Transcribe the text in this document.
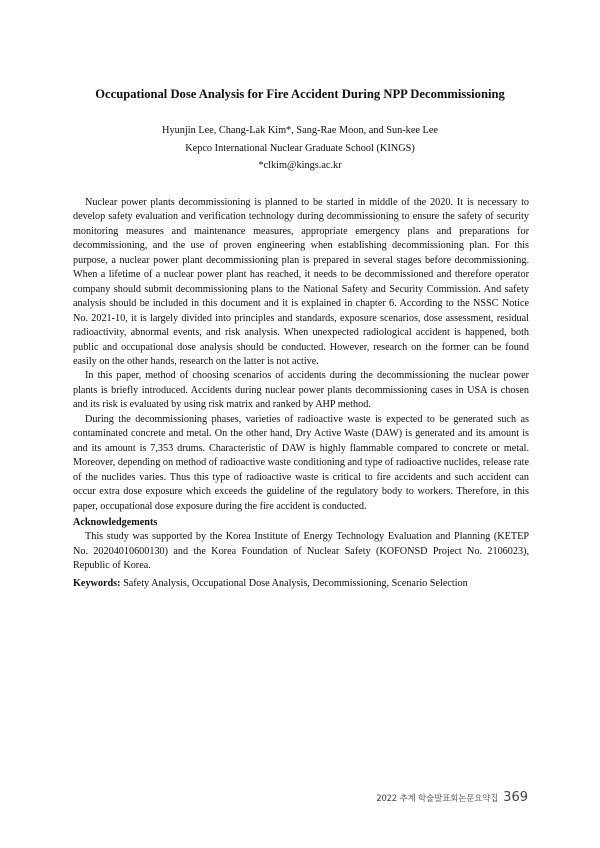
Occupational Dose Analysis for Fire Accident During NPP Decommissioning
Hyunjin Lee, Chang-Lak Kim*, Sang-Rae Moon, and Sun-kee Lee
Kepco International Nuclear Graduate School (KINGS)
*clkim@kings.ac.kr

Nuclear power plants decommissioning is planned to be started in middle of the 2020. It is necessary to develop safety evaluation and verification technology during decommissioning to ensure the safety of security monitoring measures and maintenance measures, appropriate emergency plans and preparations for decommissioning, and the use of proven engineering when establishing decommissioning plan. For this purpose, a nuclear power plant decommissioning plan is prepared in several stages before decommissioning. When a lifetime of a nuclear power plant has reached, it needs to be decommissioned and therefore operator company should submit decommissioning plans to the National Safety and Security Commission. And safety analysis should be included in this document and it is explained in chapter 6. According to the NSSC Notice No. 2021-10, it is largely divided into principles and standards, exposure scenarios, dose assessment, residual radioactivity, abnormal events, and risk analysis. When unexpected radiological accident is happened, both public and occupational dose analysis should be conducted. However, research on the former can be found easily on the other hands, research on the latter is not active.

In this paper, method of choosing scenarios of accidents during the decommissioning the nuclear power plants is briefly introduced. Accidents during nuclear power plants decommissioning cases in USA is chosen and its risk is evaluated by using risk matrix and ranked by AHP method.

During the decommissioning phases, varieties of radioactive waste is expected to be generated such as contaminated concrete and metal. On the other hand, Dry Active Waste (DAW) is generated and its amount is and its amount is 7,353 drums. Characteristic of DAW is highly flammable compared to concrete or metal. Moreover, depending on method of radioactive waste conditioning and type of radioactive nuclides, release rate of the nuclides varies. Thus this type of radioactive waste is critical to fire accidents and such accident can occur extra dose exposure which exceeds the guideline of the regulatory body to workers. Therefore, in this paper, occupational dose exposure during the fire accident is conducted.

Acknowledgements

This study was supported by the Korea Institute of Energy Technology Evaluation and Planning (KETEP No. 20204010600130) and the Korea Foundation of Nuclear Safety (KOFONSD Project No. 2106023), Republic of Korea.

Keywords: Safety Analysis, Occupational Dose Analysis, Decommissioning, Scenario Selection

2022 추계 학술발표회논문요약집 369
